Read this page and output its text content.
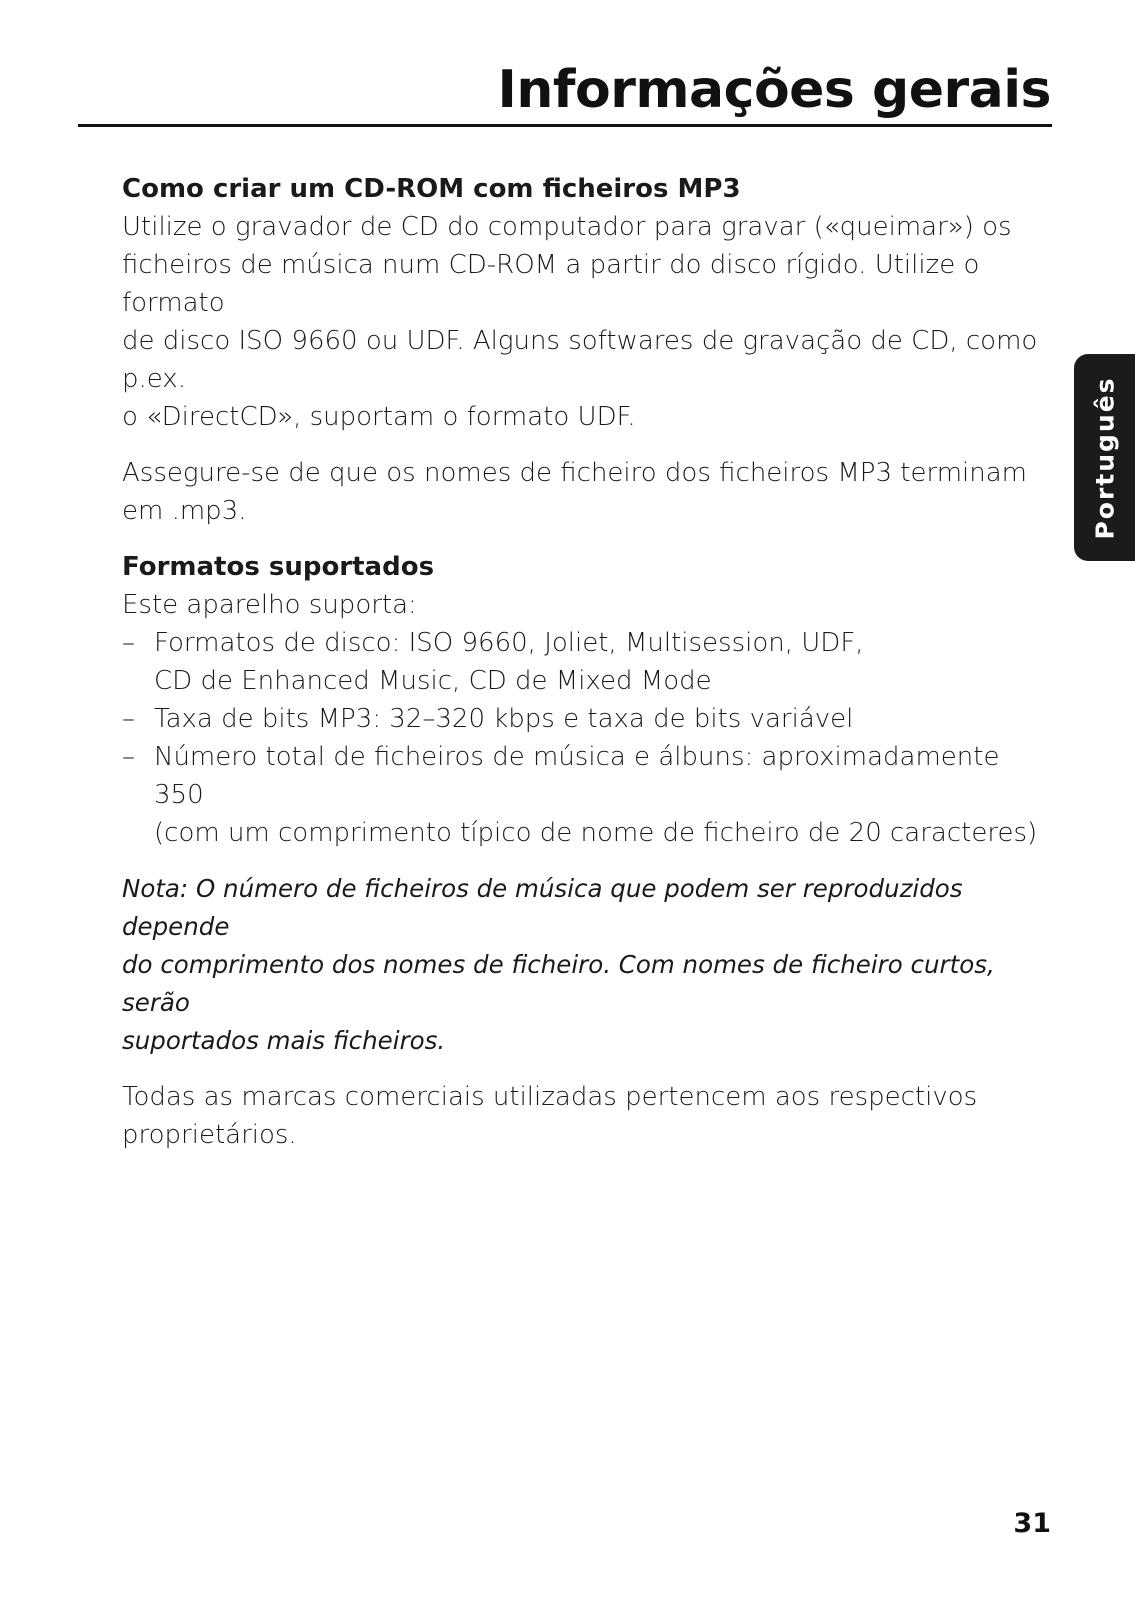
Informações gerais
Como criar um CD-ROM com ficheiros MP3

Utilize o gravador de CD do computador para gravar («queimar») os
ficheiros de música num CD-ROM a partir do disco rígido. Utilize o formato
de disco ISO 9660 ou UDF. Alguns softwares de gravação de CD, como p.ex.
o «DirectCD», suportam o formato UDF.

Assegure-se de que os nomes de ficheiro dos ficheiros MP3 terminam
em .mp3.

Formatos suportados

Este aparelho suporta:

– Formatos de disco: ISO 9660, Joliet, Multisession, UDF,
CD de Enhanced Music, CD de Mixed Mode
– Taxa de bits MP3: 32–320 kbps e taxa de bits variável
– Número total de ficheiros de música e álbuns: aproximadamente 350
(com um comprimento típico de nome de ficheiro de 20 caracteres)

Nota: O número de ficheiros de música que podem ser reproduzidos depende
do comprimento dos nomes de ficheiro. Com nomes de ficheiro curtos, serão
suportados mais ficheiros.

Todas as marcas comerciais utilizadas pertencem aos respectivos
proprietários.

Português
31
